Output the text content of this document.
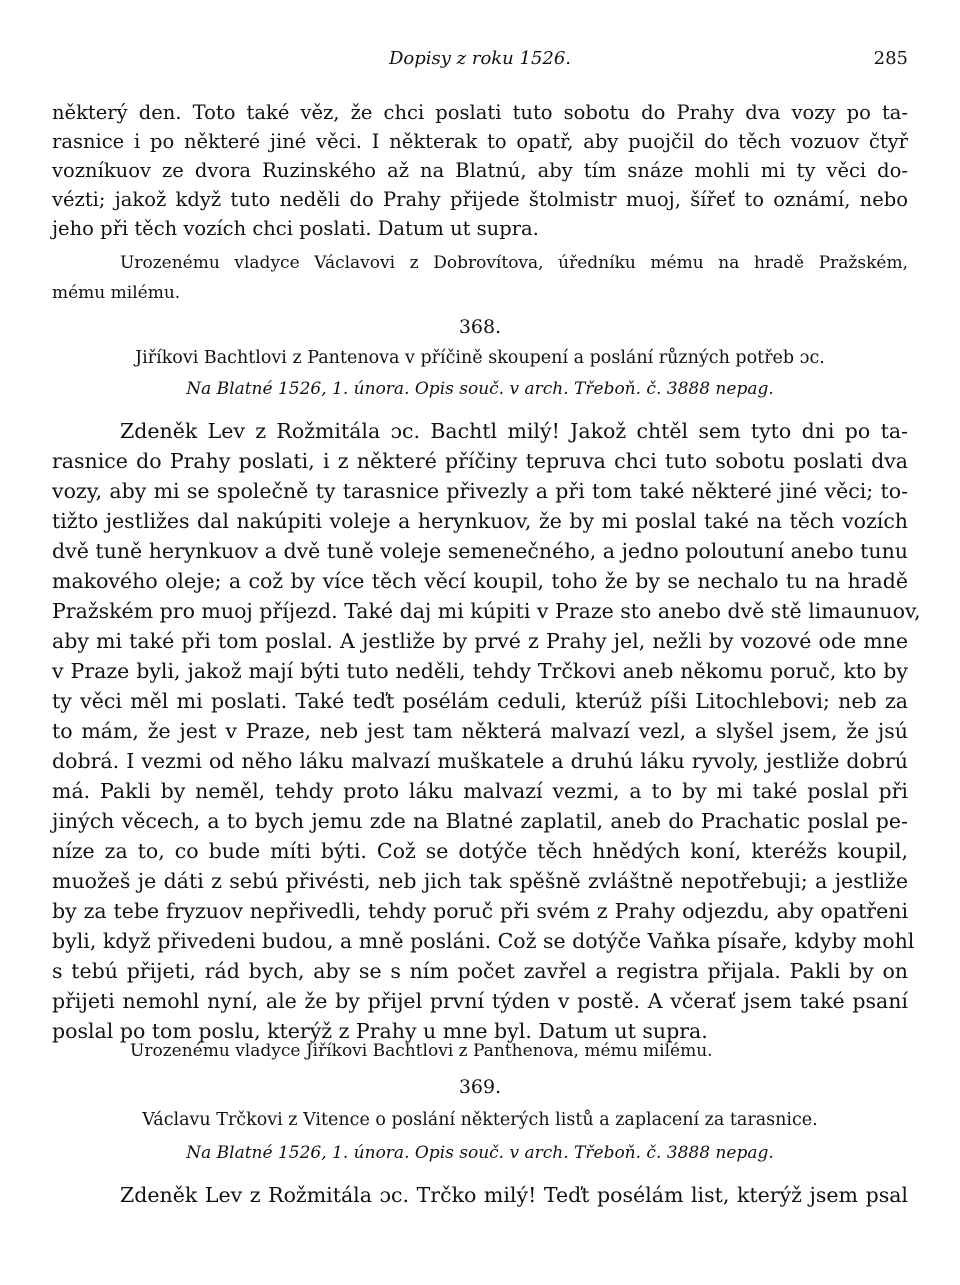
Dopisy z roku 1526.	285
některý den. Toto také věz, že chci poslati tuto sobotu do Prahy dva vozy po ta-
rasnice i po některé jiné věci. I některak to opatř, aby puojčil do těch vozuov čtyř
vozníkuov ze dvora Ruzinského až na Blatnú, aby tím snáze mohli mi ty věci do-
vézti; jakož když tuto neděli do Prahy přijede štolmistr muoj, šířeť to oznámí, nebo
jeho při těch vozích chci poslati. Datum ut supra.
Urozenému vladyce Václavovi z Dobrovítova, úředníku mému na hradě Pražském,
mému milému.
368.
Jiříkovi Bachtlovi z Pantenova v příčině skoupení a poslání různých potřeb ɔc.
Na Blatné 1526, 1. února. Opis souč. v arch. Třeboň. č. 3888 nepag.
Zdeněk Lev z Rožmitála ɔc. Bachtl milý! Jakož chtěl sem tyto dni po ta-
rasnice do Prahy poslati, i z některé příčiny tepruva chci tuto sobotu poslati dva
vozy, aby mi se společně ty tarasnice přivezly a při tom také některé jiné věci; to-
tižto jestližes dal nakúpiti voleje a herynkuov, že by mi poslal také na těch vozích
dvě tuně herynkuov a dvě tuně voleje semenečného, a jedno poloutuní anebo tunu
makového oleje; a což by více těch věcí koupil, toho že by se nechalo tu na hradě
Pražském pro muoj příjezd. Také daj mi kúpiti v Praze sto anebo dvě stě limaunuov,
aby mi také při tom poslal. A jestliže by prvé z Prahy jel, nežli by vozové ode mne
v Praze byli, jakož mají býti tuto neděli, tehdy Trčkovi aneb někomu poruč, kto by
ty věci měl mi poslati. Také teďt posélám ceduli, kterúž píši Litochlebovi; neb za
to mám, že jest v Praze, neb jest tam některá malvazí vezl, a slyšel jsem, že jsú
dobrá. I vezmi od něho láku malvazí muškatele a druhú láku ryvoly, jestliže dobrú
má. Pakli by neměl, tehdy proto láku malvazí vezmi, a to by mi také poslal při
jiných věcech, a to bych jemu zde na Blatné zaplatil, aneb do Prachatic poslal pe-
níze za to, co bude míti býti. Což se dotýče těch hnědých koní, kteréžs koupil,
muožeš je dáti z sebú přivésti, neb jich tak spěšně zvláštně nepotřebuji; a jestliže
by za tebe fryzuov nepřivedli, tehdy poruč při svém z Prahy odjezdu, aby opatřeni
byli, když přivedeni budou, a mně posláni. Což se dotýče Vaňka písaře, kdyby mohl
s tebú přijeti, rád bych, aby se s ním počet zavřel a registra přijala. Pakli by on
přijeti nemohl nyní, ale že by přijel první týden v postě. A včerať jsem také psaní
poslal po tom poslu, kterýž z Prahy u mne byl. Datum ut supra.
Urozenému vladyce Jiříkovi Bachtlovi z Panthenova, mému milému.
369.
Václavu Trčkovi z Vitence o poslání některých listů a zaplacení za tarasnice.
Na Blatné 1526, 1. února. Opis souč. v arch. Třeboň. č. 3888 nepag.
Zdeněk Lev z Rožmitála ɔc. Trčko milý! Teďt posélám list, kterýž jsem psal
